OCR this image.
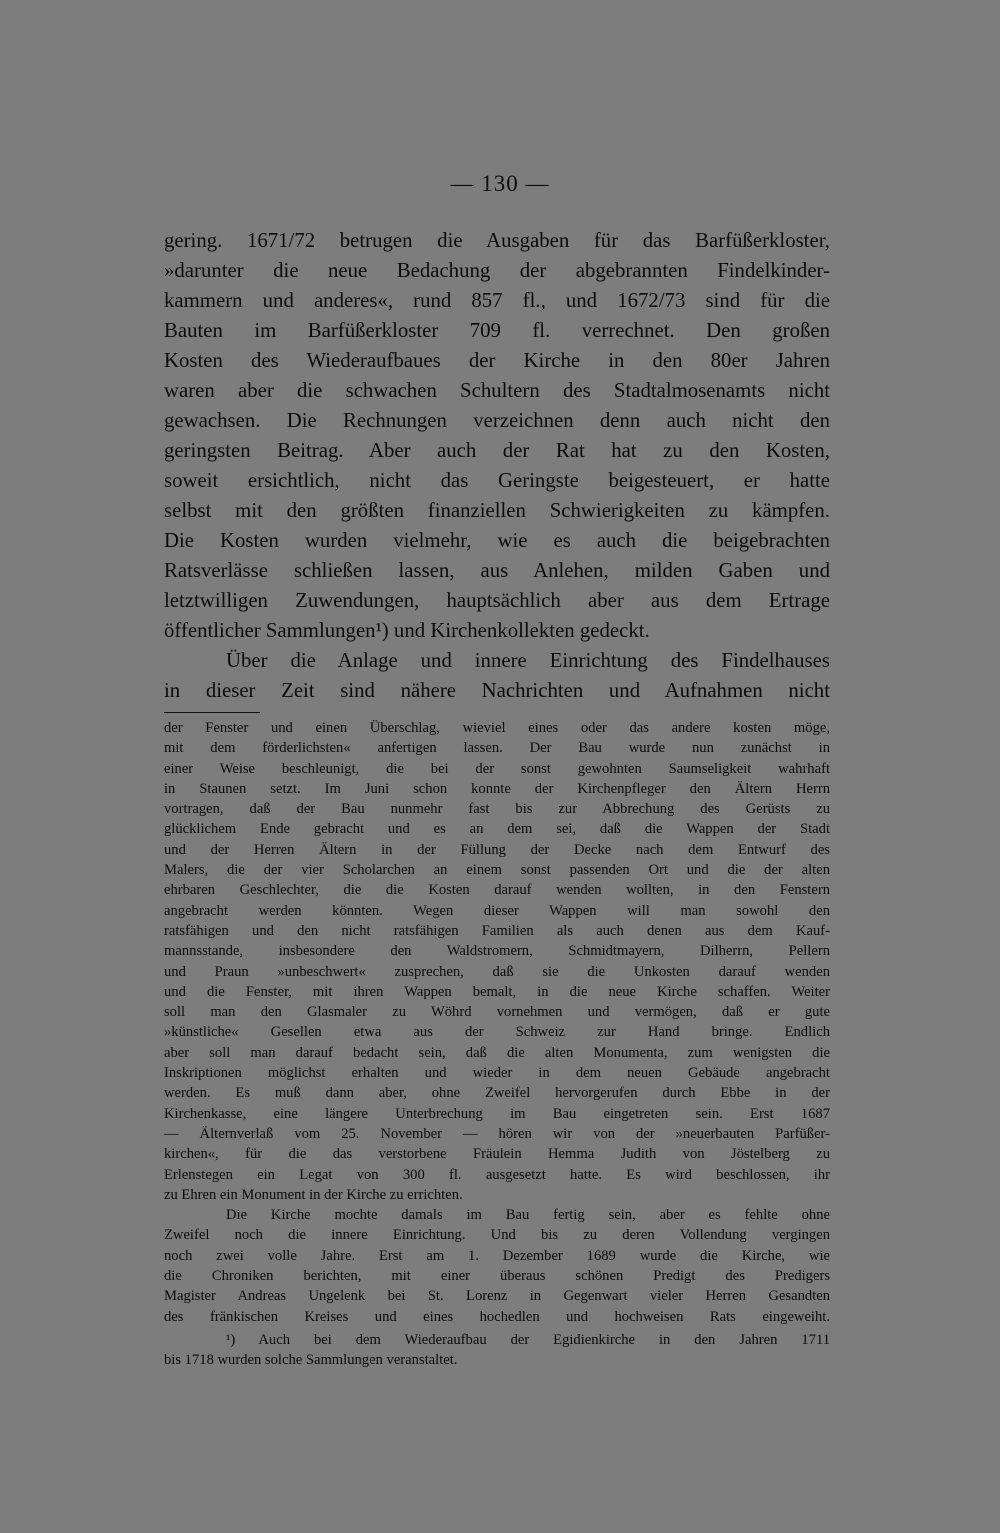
— 130 —
gering. 1671/72 betrugen die Ausgaben für das Barfüßerkloster,
»darunter die neue Bedachung der abgebrannten Findelkinder-
kammern und anderes«, rund 857 fl., und 1672/73 sind für die
Bauten im Barfüßerkloster 709 fl. verrechnet. Den großen
Kosten des Wiederaufbaues der Kirche in den 80er Jahren
waren aber die schwachen Schultern des Stadtalmosenamts nicht
gewachsen. Die Rechnungen verzeichnen denn auch nicht den
geringsten Beitrag. Aber auch der Rat hat zu den Kosten,
soweit ersichtlich, nicht das Geringste beigesteuert, er hatte
selbst mit den größten finanziellen Schwierigkeiten zu kämpfen.
Die Kosten wurden vielmehr, wie es auch die beigebrachten
Ratsverlässe schließen lassen, aus Anlehen, milden Gaben und
letztwilligen Zuwendungen, hauptsächlich aber aus dem Ertrage
öffentlicher Sammlungen¹) und Kirchenkollekten gedeckt.
Über die Anlage und innere Einrichtung des Findelhauses
in dieser Zeit sind nähere Nachrichten und Aufnahmen nicht
der Fenster und einen Überschlag, wieviel eines oder das andere kosten möge,
mit dem förderlichsten« anfertigen lassen. Der Bau wurde nun zunächst in
einer Weise beschleunigt, die bei der sonst gewohnten Saumseligkeit wahrhaft
in Staunen setzt. Im Juni schon konnte der Kirchenpfleger den Ältern Herrn
vortragen, daß der Bau nunmehr fast bis zur Abbrechung des Gerüsts zu
glücklichem Ende gebracht und es an dem sei, daß die Wappen der Stadt
und der Herren Ältern in der Füllung der Decke nach dem Entwurf des
Malers, die der vier Scholarchen an einem sonst passenden Ort und die der alten
ehrbaren Geschlechter, die die Kosten darauf wenden wollten, in den Fenstern
angebracht werden könnten. Wegen dieser Wappen will man sowohl den
ratsfähigen und den nicht ratsfähigen Familien als auch denen aus dem Kauf-
mannsstande, insbesondere den Waldstromern, Schmidtmayern, Dilherrn, Pellern
und Praun »unbeschwert« zusprechen, daß sie die Unkosten darauf wenden
und die Fenster, mit ihren Wappen bemalt, in die neue Kirche schaffen. Weiter
soll man den Glasmaler zu Wöhrd vornehmen und vermögen, daß er gute
»künstliche« Gesellen etwa aus der Schweiz zur Hand bringe. Endlich
aber soll man darauf bedacht sein, daß die alten Monumenta, zum wenigsten die
Inskriptionen möglichst erhalten und wieder in dem neuen Gebäude angebracht
werden. Es muß dann aber, ohne Zweifel hervorgerufen durch Ebbe in der
Kirchenkasse, eine längere Unterbrechung im Bau eingetreten sein. Erst 1687
— Älternverlaß vom 25. November — hören wir von der »neuerbauten Parfüßer-
kirchen«, für die das verstorbene Fräulein Hemma Judith von Jöstelberg zu
Erlenstegen ein Legat von 300 fl. ausgesetzt hatte. Es wird beschlossen, ihr
zu Ehren ein Monument in der Kirche zu errichten.
Die Kirche mochte damals im Bau fertig sein, aber es fehlte ohne
Zweifel noch die innere Einrichtung. Und bis zu deren Vollendung vergingen
noch zwei volle Jahre. Erst am 1. Dezember 1689 wurde die Kirche, wie
die Chroniken berichten, mit einer überaus schönen Predigt des Predigers
Magister Andreas Ungelenk bei St. Lorenz in Gegenwart vieler Herren Gesandten
des fränkischen Kreises und eines hochedlen und hochweisen Rats eingeweiht.
¹) Auch bei dem Wiederaufbau der Egidienkirche in den Jahren 1711
bis 1718 wurden solche Sammlungen veranstaltet.
